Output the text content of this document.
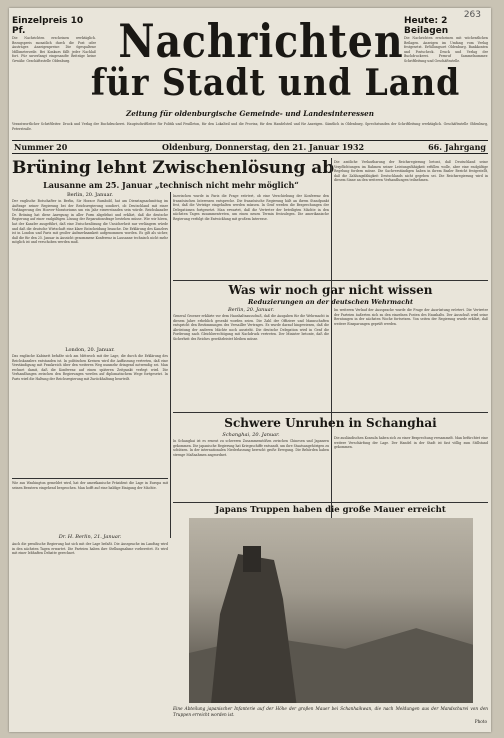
263
Einzelpreis 10 Pf.
Die Nachrichten erscheinen werktäglich. Bezugspreis monatlich durch die Post oder Austräger. Anzeigenpreise: Die 6gespaltene Millimeterzeile. Bei Konkurs fällt jeder Nachlaß fort. Für unverlangt eingesandte Beiträge keine Gewähr. Geschäftsstelle Oldenburg.	Nachrichten
für Stadt und Land
Zeitung für oldenburgische Gemeinde- und Landesinteressen
Heute: 2 Beilagen
Die Nachrichten erscheinen mit wöchentlichen Beilagen. Anzeigen im Umfang vom Verlag festgesetzt. Erfüllungsort Oldenburg. Bankkonten und Postscheck. Druck und Verlag der Buchdruckerei. Fernruf Sammelnummer. Schriftleitung und Geschäftsstelle.
Verantwortlicher Schriftleiter. Druck und Verlag der Buchdruckerei. Hauptschriftleiter für Politik und Feuilleton, für den Lokalteil und die Provinz, für den Handelsteil und für Anzeigen. Sämtlich in Oldenburg. Sprechstunden der Schriftleitung werktäglich. Geschäftsstelle Oldenburg, Peterstraße.
Nummer 20	Oldenburg, Donnerstag, den 21. Januar 1932	66. Jahrgang
Brüning lehnt Zwischenlösung ab
Lausanne am 25. Januar „technisch nicht mehr möglich“
Berlin, 20. Januar.
Der englische Botschafter in Berlin, Sir Horace Rumbold, hat am Dienstagnachmittag im Auftrage seiner Regierung bei der Reichsregierung sondiert, ob Deutschland mit einer Verlängerung des Hoover-Moratoriums um ein Jahr einverstanden sein würde. Reichskanzler Dr. Brüning hat diese Anregung in aller Form abgelehnt und erklärt, daß die deutsche Regierung auf einer endgültigen Lösung der Reparationsfrage bestehen müsse. Wie wir hören, hat der Kanzler ausgeführt, daß eine Zwischenlösung die Unsicherheit nur verlängern würde und daß die deutsche Wirtschaft eine klare Entscheidung brauche. Die Erklärung des Kanzlers ist in London und Paris mit großer Aufmerksamkeit aufgenommen worden. Es gilt als sicher, daß die für den 25. Januar in Aussicht genommene Konferenz in Lausanne technisch nicht mehr möglich ist und verschoben werden muß.
London, 20. Januar.
Das englische Kabinett befaßte sich am Mittwoch mit der Lage, die durch die Erklärung des Reichskanzlers entstanden ist. In politischen Kreisen wird die Auffassung vertreten, daß eine Verständigung mit Frankreich über den weiteren Weg nunmehr dringend notwendig sei. Man rechnet damit, daß die Konferenz auf einen späteren Zeitpunkt verlegt wird. Die Verhandlungen zwischen den Regierungen werden auf diplomatischem Wege fortgesetzt. In Paris wird die Haltung der Reichsregierung mit Zurückhaltung beurteilt.
Inzwischen wurde in Paris die Frage erörtert, ob eine Verschiebung der Konferenz den französischen Interessen entspreche. Die französische Regierung hält an ihrem Standpunkt fest, daß die Verträge eingehalten werden müssen. In Genf werden die Besprechungen der Delegationen fortgesetzt. Man erwartet, daß die Vertreter der beteiligten Mächte in den nächsten Tagen zusammentreten, um einen neuen Termin festzulegen. Die amerikanische Regierung verfolgt die Entwicklung mit großem Interesse.
Die amtliche Verlautbarung der Reichsregierung betont, daß Deutschland seine Verpflichtungen im Rahmen seiner Leistungsfähigkeit erfüllen wolle, aber eine endgültige Regelung fordern müsse. Die Sachverständigen haben in ihrem Basler Bericht festgestellt, daß die Zahlungsfähigkeit Deutschlands nicht gegeben sei. Die Reichsregierung wird in diesem Sinne an den weiteren Verhandlungen teilnehmen.
Was wir noch gar nicht wissen
Reduzierungen an der deutschen Wehrmacht
Berlin, 20. Januar.
General Groener erklärte vor dem Haushaltsausschuß, daß die Ausgaben für die Wehrmacht in diesem Jahre erheblich gesenkt worden seien. Die Zahl der Offiziere und Mannschaften entspricht den Bestimmungen des Versailler Vertrages. Es wurde darauf hingewiesen, daß die Abrüstung der anderen Mächte noch aussteht. Die deutsche Delegation wird in Genf die Forderung nach Gleichberechtigung mit Nachdruck vertreten. Der Minister betonte, daß die Sicherheit des Reiches gewährleistet bleiben müsse.
Im weiteren Verlauf der Aussprache wurde die Frage der Ausrüstung erörtert. Die Vertreter der Parteien äußerten sich zu den einzelnen Posten des Haushalts. Der Ausschuß wird seine Beratungen in der nächsten Woche fortsetzen. Von seiten der Regierung wurde erklärt, daß weitere Einsparungen geprüft werden.
Schwere Unruhen in Schanghai
Schanghai, 20. Januar.
In Schanghai ist es erneut zu schweren Zusammenstößen zwischen Chinesen und Japanern gekommen. Die japanische Regierung hat Kriegsschiffe entsandt, um ihre Staatsangehörigen zu schützen. In der internationalen Niederlassung herrscht große Erregung. Die Behörden haben strenge Maßnahmen angeordnet.
Die ausländischen Konsuln haben sich zu einer Besprechung versammelt. Man befürchtet eine weitere Verschärfung der Lage. Der Handel in der Stadt ist fast völlig zum Stillstand gekommen.
Wie aus Washington gemeldet wird, hat der amerikanische Präsident die Lage in Europa mit seinen Beratern eingehend besprochen. Man hofft auf eine baldige Einigung der Mächte.
Dr. H. Berlin, 21. Januar.
Auch die preußische Regierung hat sich mit der Lage befaßt. Die Aussprache im Landtag wird in den nächsten Tagen erwartet. Die Parteien haben ihre Stellungnahme vorbereitet. Es wird mit einer lebhaften Debatte gerechnet.
Japans Truppen haben die große Mauer erreicht
Eine Abteilung japanischer Infanterie auf der Höhe der großen Mauer bei Schanhaikwan, die nach Meldungen aus der Mandschurei von den Truppen erreicht worden ist.
Photo
